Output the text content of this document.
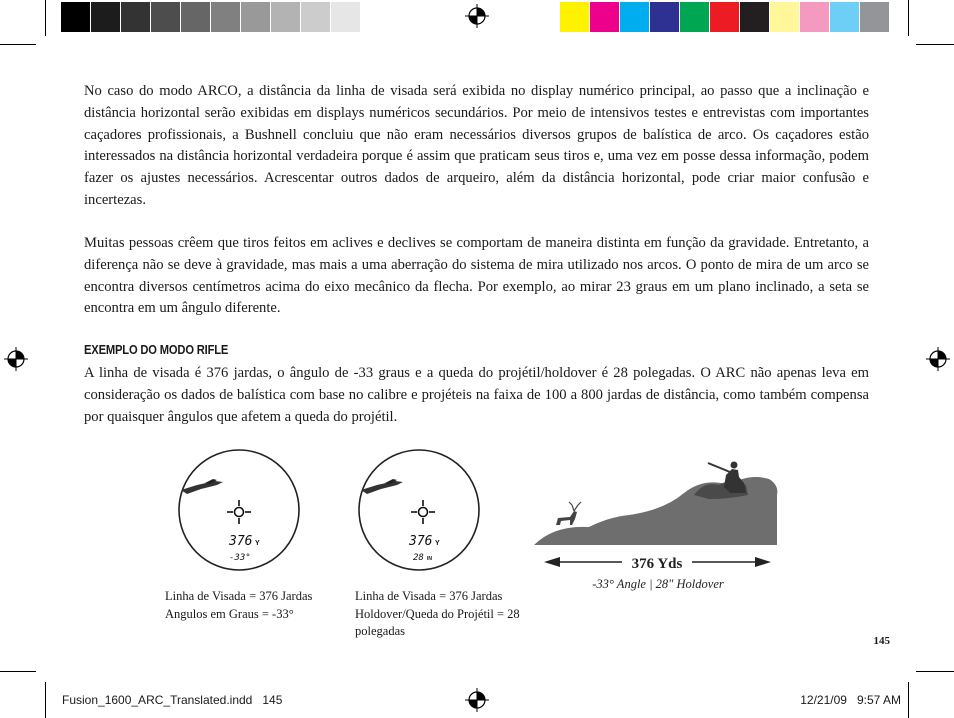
No caso do modo ARCO, a distância da linha de visada será exibida no display numérico principal, ao passo que a inclinação e distância horizontal serão exibidas em displays numéricos secundários. Por meio de intensivos testes e entrevistas com importantes caçadores profissionais, a Bushnell concluiu que não eram necessários diversos grupos de balística de arco. Os caçadores estão interessados na distância horizontal verdadeira porque é assim que praticam seus tiros e, uma vez em posse dessa informação, podem fazer os ajustes necessários. Acrescentar outros dados de arqueiro, além da distância horizontal, pode criar maior confusão e incertezas.
Muitas pessoas crêem que tiros feitos em aclives e declives se comportam de maneira distinta em função da gravidade. Entretanto, a diferença não se deve à gravidade, mas mais a uma aberração do sistema de mira utilizado nos arcos. O ponto de mira de um arco se encontra diversos centímetros acima do eixo mecânico da flecha. Por exemplo, ao mirar 23 graus em um plano inclinado, a seta se encontra em um ângulo diferente.
EXEMPLO DO MODO RIFLE
A linha de visada é 376 jardas, o ângulo de -33 graus e a queda do projétil/holdover é 28 polegadas. O ARC não apenas leva em consideração os dados de balística com base no calibre e projéteis na faixa de 100 a 800 jardas de distância, como também compensa por quaisquer ângulos que afetem a queda do projétil.
376 Y
-33°
376 Y
28 IN	376 Yds
-33° Angle | 28" Holdover
Linha de Visada = 376 Jardas
Angulos em Graus = -33°
Linha de Visada = 376 Jardas
Holdover/Queda do Projétil = 28
polegadas
145
Fusion_1600_ARC_Translated.indd   145	12/21/09   9:57 AM
